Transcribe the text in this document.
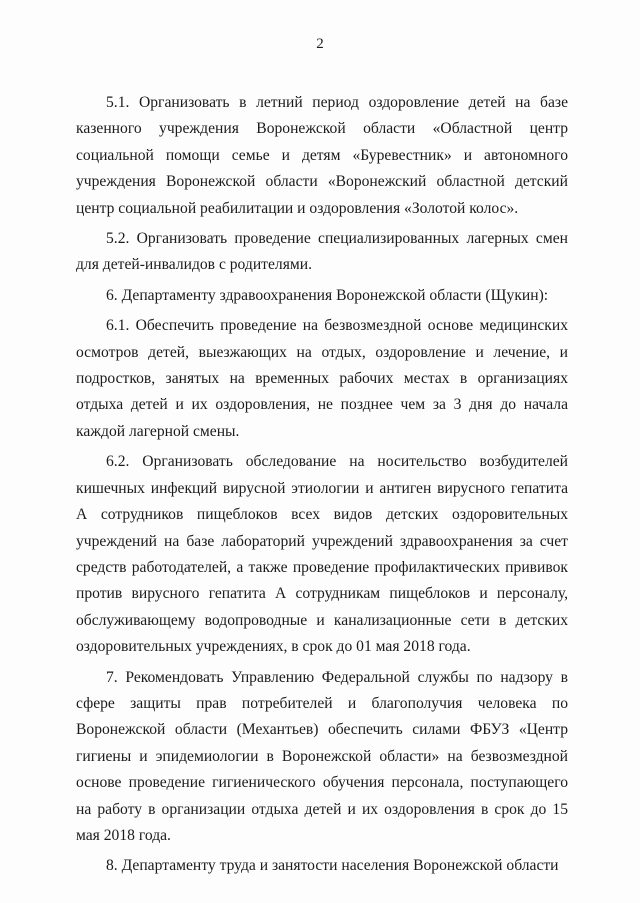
2

5.1. Организовать в летний период оздоровление детей на базе казенного учреждения Воронежской области «Областной центр социальной помощи семье и детям «Буревестник» и автономного учреждения Воронежской области «Воронежский областной детский центр социальной реабилитации и оздоровления «Золотой колос».

5.2. Организовать проведение специализированных лагерных смен для детей-инвалидов с родителями.

6. Департаменту здравоохранения Воронежской области (Щукин):

6.1. Обеспечить проведение на безвозмездной основе медицинских осмотров детей, выезжающих на отдых, оздоровление и лечение, и подростков, занятых на временных рабочих местах в организациях отдыха детей и их оздоровления, не позднее чем за 3 дня до начала каждой лагерной смены.

6.2. Организовать обследование на носительство возбудителей кишечных инфекций вирусной этиологии и антиген вирусного гепатита А сотрудников пищеблоков всех видов детских оздоровительных учреждений на базе лабораторий учреждений здравоохранения за счет средств работодателей, а также проведение профилактических прививок против вирусного гепатита А сотрудникам пищеблоков и персоналу, обслуживающему водопроводные и канализационные сети в детских оздоровительных учреждениях, в срок до 01 мая 2018 года.

7. Рекомендовать Управлению Федеральной службы по надзору в сфере защиты прав потребителей и благополучия человека по Воронежской области (Механтьев) обеспечить силами ФБУЗ «Центр гигиены и эпидемиологии в Воронежской области» на безвозмездной основе проведение гигиенического обучения персонала, поступающего на работу в организации отдыха детей и их оздоровления в срок до 15 мая 2018 года.

8. Департаменту труда и занятости населения Воронежской области
